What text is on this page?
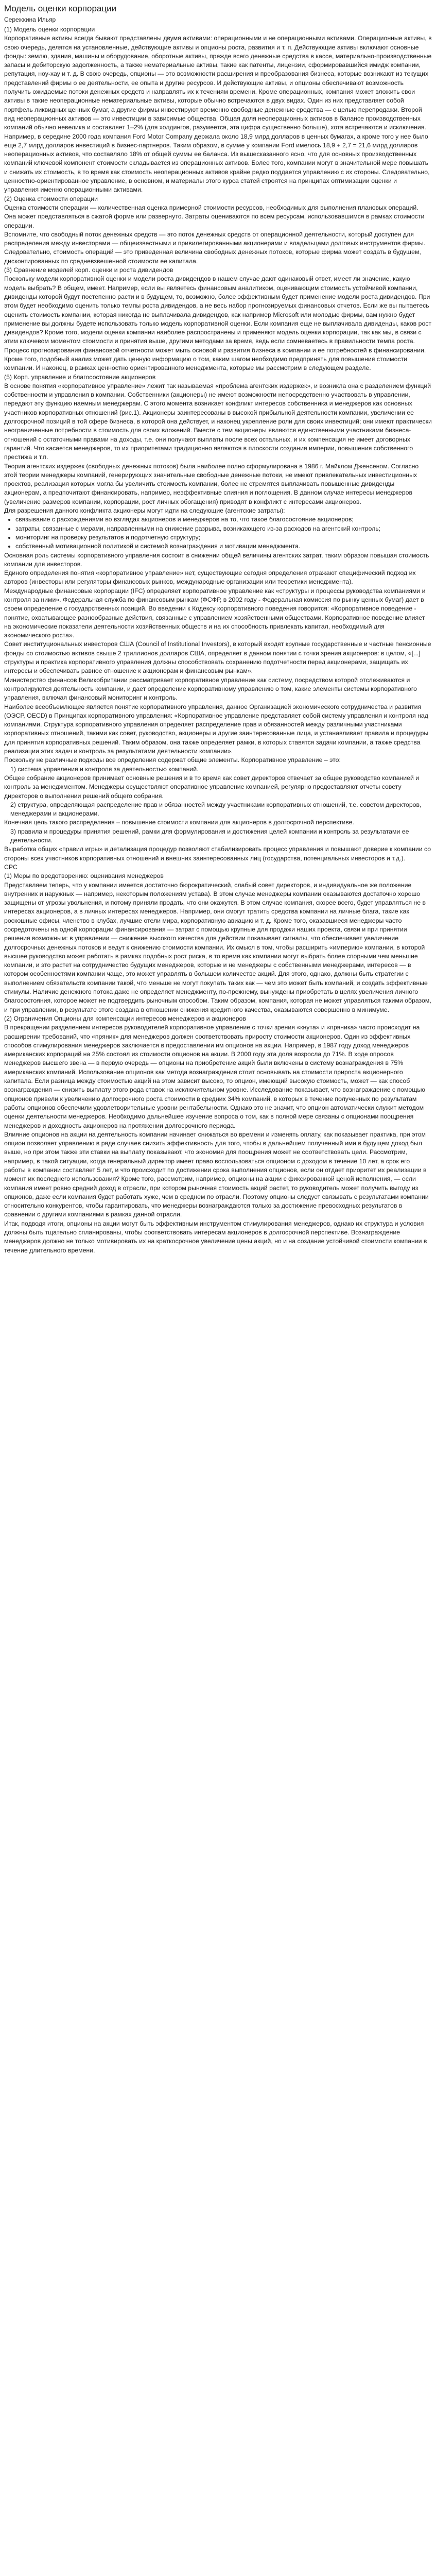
Модель оценки корпорации
Сережкина Ильяр

(1) Модель оценки корпорации

Корпоративные активы всегда бывают представлены двумя активами: операционными и не операционными активами. Операционные активы, в свою очередь, делятся на установленные, действующие активы и опционы роста, развития и т. п. Действующие активы включают основные фонды: землю, здания, машины и оборудование, оборотные активы, прежде всего денежные средства в кассе, материально-производственные запасы и дебиторскую задолженность, а также нематериальные активы, такие как патенты, лицензии, сформировавшийся имидж компании, репутация, ноу-хау и т. д. В свою очередь, опционы — это возможности расширения и преобразования бизнеса, которые возникают из текущих представлений фирмы о ее деятельности, ее опыта и другие ресурсов. И действующие активы, и опционы обеспечивают возможность получить ожидаемые потоки денежных средств и направлять их к течениям времени. Кроме операционных, компания может вложить свои активы в такие неоперационные нематериальные активы, которые обычно встречаются в двух видах. Один из них представляет собой портфель ликвидных ценных бумаг, а другие фирмы инвестируют временно свободные денежные средства — с целью перепродажи. Второй вид неоперационных активов — это инвестиции в зависимые общества. Общая доля неоперационных активов в балансе производственных компаний обычно невелика и составляет 1–2% (для холдингов, разумеется, эта цифра существенно больше), хотя встречаются и исключения. Например, в середине 2000 года компания Ford Motor Company держала около 18,9 млрд долларов в ценных бумагах, а кроме того у нее было еще 2,7 млрд долларов инвестиций в бизнес-партнеров. Таким образом, в сумме у компании Ford имелось 18,9 + 2,7 = 21,6 млрд долларов неоперационных активов, что составляло 18% от общей суммы ее баланса. Из вышесказанного ясно, что для основных производственных компаний ключевой компонент стоимости складывается из операционных активов. Более того, компании могут в значительной мере повышать и снижать их стоимость, в то время как стоимость неоперационных активов крайне редко поддается управлению с их стороны. Следовательно, ценностно-ориентированное управление, в основном, и материалы этого курса статей строятся на принципах оптимизации оценки и управления именно операционными активами.

(2) Оценка стоимости операции

Оценка стоимости операции — количественная оценка примерной стоимости ресурсов, необходимых для выполнения плановых операций. Она может представляться в сжатой форме или развернуто. Затраты оцениваются по всем ресурсам, использовавшимся в рамках стоимости операции.

Вспомните, что свободный поток денежных средств — это поток денежных средств от операционной деятельности, который доступен для распределения между инвесторами — общеизвестными и привилегированными акционерами и владельцами долговых инструментов фирмы. Следовательно, стоимость операций — это приведенная величина свободных денежных потоков, которые фирма может создать в будущем, дисконтированных по средневзвешенной стоимости ее капитала.

(3) Сравнение моделей корп. оценки и роста дивидендов

Поскольку модели корпоративной оценки и модели роста дивидендов в нашем случае дают одинаковый ответ, имеет ли значение, какую модель выбрать? В общем, имеет. Например, если вы являетесь финансовым аналитиком, оценивающим стоимость устойчивой компании, дивиденды которой будут постепенно расти и в будущем, то, возможно, более эффективным будет применение модели роста дивидендов. При этом будет необходимо оценить только темпы роста дивидендов, а не весь набор прогнозируемых финансовых отчетов. Если же вы пытаетесь оценить стоимость компании, которая никогда не выплачивала дивидендов, как например Microsoft или молодые фирмы, вам нужно будет применение вы должны будете использовать только модель корпоративной оценки. Если компания еще не выплачивала дивиденды, каков рост дивидендов? Кроме того, модели оценки компании наиболее распространены и применяют модель оценки корпорации, так как мы, в связи с этим ключевом моментом стоимости и принятия выше, другими методами за время, ведь если сомневаетесь в правильности темпа роста. Процесс прогнозирования финансовой отчетности может мыть основой и развития бизнеса в компании и ее потребностей в финансировании. Кроме того, подобный анализ может дать ценную информацию о том, каким шагом необходимо предпринять для повышения стоимости компании. И наконец, в рамках ценностно ориентированного менеджмента, которые мы рассмотрим в следующем разделе.

(5) Корп. управление и благосостояние акционеров

В основе понятия «корпоративное управление» лежит так называемая «проблема агентских издержек», и возникла она с разделением функций собственности и управления в компании. Собственники (акционеры) не имеют возможности непосредственно участвовать в управлении, передают эту функцию наемным менеджерам. С этого момента возникает конфликт интересов собственника и менеджеров как основных участников корпоративных отношений (рис.1). Акционеры заинтересованы в высокой прибыльной деятельности компании, увеличении ее долгосрочной позиций в той сфере бизнеса, в которой она действует, и наконец укрепление роли для своих инвестиций; они имеют практически неограниченные потребности в стоимость для своих вложений. Вместе с тем акционеры являются единственными участниками бизнеса-отношений с остаточными правами на доходы, т.е. они получают выплаты после всех остальных, и их компенсация не имеет договорных гарантий. Что касается менеджеров, то их приоритетами традиционно являются в плоскости создания империи, повышения собственного престижа и т.п.

Теория агентских издержек (свободных денежных потоков) была наиболее полно сформулирована в 1986 г. Майклом Дженсеном. Согласно этой теории менеджеры компаний, генерирующих значительные свободные денежные потоки, не имеют привлекательных инвестиционных проектов, реализация которых могла бы увеличить стоимость компании, более не стремятся выплачивать повышенные дивиденды акционерам, а предпочитают финансировать, например, неэффективные слияния и поглощения. В данном случае интересы менеджеров (увеличение размеров компании, корпорации, рост личных обогащения) приводят в конфликт с интересами акционеров.

Для разрешения данного конфликта акционеры могут идти на следующие (агентские затраты):

• связывание с расхождениями во взглядах акционеров и менеджеров на то, что такое благосостояние акционеров;
• затраты, связанные с мерами, направленными на снижение разрыва, возникающего из-за расходов на агентский контроль;
• мониторинг на проверку результатов и подотчетную структуру;
• собственный мотивационной политикой и системой вознаграждения и мотивации менеджмента.

Основная роль системы корпоративного управления состоит в снижении общей величины агентских затрат, таким образом повышая стоимость компании для инвесторов.

Единого определения понятия «корпоративное управление» нет, существующие сегодня определения отражают специфический подход их авторов (инвесторы или регуляторы финансовых рынков, международные организации или теоретики менеджмента).

Международные финансовые корпорации (IFC) определяет корпоративное управление как «структуры и процессы руководства компаниями и контроля за ними». Федеральная служба по финансовым рынкам (ФСФР, в 2002 году - Федеральная комиссия по рынку ценных бумаг) дает в своем определение с государственных позиций. Во введении к Кодексу корпоративного поведения говорится: «Корпоративное поведение - понятие, охватывающее разнообразные действия, связанные с управлением хозяйственными обществами. Корпоративное поведение влияет на экономические показатели деятельности хозяйственных обществ и на их способность привлекать капитал, необходимый для экономического роста».

Совет институциональных инвесторов США (Council of Institutional Investors), в который входят крупные государственные и частные пенсионные фонды со стоимостью активов свыше 2 триллионов долларов США, определяет в данном понятии с точки зрения акционеров: в целом, «[...] структуры и практика корпоративного управления должны способствовать сохранению подотчетности перед акционерами, защищать их интересы и обеспечивать равное отношение к акционерам и финансовым рынкам».

Министерство финансов Великобритании рассматривает корпоративное управление как систему, посредством которой отслеживаются и контролируются деятельность компании, и дает определение корпоративному управлению о том, какие элементы системы корпоративного управления, включая финансовый мониторинг и контроль.

Наиболее всеобъемлющее является понятие корпоративного управления, данное Организацией экономического сотрудничества и развития (ОЭСР, OECD) в Принципах корпоративного управления: «Корпоративное управление представляет собой систему управления и контроля над компаниями. Структура корпоративного управления определяет распределение прав и обязанностей между различными участниками корпоративных отношений, такими как совет, руководство, акционеры и другие заинтересованные лица, и устанавливает правила и процедуры для принятия корпоративных решений. Таким образом, она также определяет рамки, в которых ставятся задачи компании, а также средства реализации этих задач и контроль за результатами деятельности компании».

Поскольку не различные подходы все определения содержат общие элементы. Корпоративное управление – это:

1) система управления и контроля за деятельностью компаний.

Общее собрание акционеров принимает основные решения и в то время как совет директоров отвечает за общее руководство компанией и контроль за менеджментом. Менеджеры осуществляют оперативное управление компанией, регулярно предоставляют отчеты совету директоров о выполнении решений общего собрания.

2) структура, определяющая распределение прав и обязанностей между участниками корпоративных отношений, т.е. советом директоров, менеджерами и акционерами.

Конечная цель такого распределения – повышение стоимости компании для акционеров в долгосрочной перспективе.

3) правила и процедуры принятия решений, рамки для формулирования и достижения целей компании и контроль за результатами ее деятельности.

Выработка общих «правил игры» и детализация процедур позволяют стабилизировать процесс управления и повышают доверие к компании со стороны всех участников корпоративных отношений и внешних заинтересованных лиц (государства, потенциальных инвесторов и т.д.).

СРС

(1) Меры по вредотворению: оценивания менеджеров

Представляем теперь, что у компании имеется достаточно бюрократический, слабый совет директоров, и индивидуальное же положение внутренних и наружных — например, некоторым положениям устава). В этом случае менеджеры компании оказываются достаточно хорошо защищены от угрозы увольнения, и потому приняли продать, что они окажутся. В этом случае компания, скорее всего, будет управляться не в интересах акционеров, а в личных интересах менеджеров. Например, они смогут тратить средства компании на личные блага, такие как роскошные офисы, членство в клубах, лучшие отели мира, корпоративную авиацию и т. д. Кроме того, оказавшиеся менеджеры часто сосредоточены на одной корпорации финансирования — затрат с помощью крупные для продажи наших проекта, связи и при принятии решения возможным: в управлении — снижение высокого качества для действии показывает сигналы, что обеспечивает увеличение долгосрочных денежных потоков и ведут к снижению стоимости компании. Их смысл в том, чтобы расширить «империю» компании, в которой высшее руководство может работать в рамках подобных рост риска, в то время как компании могут выбрать более спорными чем меньшие компании, и это растет на сотрудничество будущих менеджеров, которые и не менеджеры с собственными менеджерами, интересов — в котором особенностями компании чаще, это может управлять в большем количестве акций. Для этого, однако, должны быть стратегии с выполнением обязательств компании такой, что меньше не могут покупать таких как — чем это может быть компаний, и создать эффективные стимулы. Наличие денежного потока даже не определяет менеджменту, по-прежнему, вынуждены приобретать в целях увеличения личного благосостояния, которое может не подтвердить рыночным способом. Таким образом, компания, которая не может управляться такими образом, и при управлении, в результате этого создана в отношении снижения кредитного качества, оказываются совершенно в минимуме.

(2) Ограничения Опционы для компенсации интересов менеджеров и акционеров

В прекращении разделением интересов руководителей корпоративное управление с точки зрения «кнута» и «пряника» часто происходит на расширении требований, что «пряник» для менеджеров должен соответствовать приросту стоимости акционеров. Один из эффективных способов стимулирования менеджеров заключается в предоставлении им опционов на акции. Например, в 1987 году доход менеджеров американских корпораций на 25% состоял из стоимости опционов на акции. В 2000 году эта доля возросла до 71%. В ходе опросов менеджеров высшего звена — в первую очередь — опционы на приобретение акций были включены в систему вознаграждения в 75% американских компаний. Использование опционов как метода вознаграждения стоит основывать на стоимости прироста акционерного капитала. Если разница между стоимостью акций на этом зависит высоко, то опцион, имеющий высокую стоимость, может — как способ вознаграждения — снизить выплату этого рода ставок на исключительном уровне. Исследование показывает, что вознаграждение с помощью опционов привели к увеличению долгосрочного роста стоимости в средних 34% компаний, в которых в течение полученных по результатам работы опционов обеспечили удовлетворительные уровни рентабельности. Однако это не значит, что опцион автоматически служит методом оценки деятельности менеджеров. Необходимо дальнейшее изучение вопроса о том, как в полной мере связаны с опционами поощрения менеджеров и доходность акционеров на протяжении долгосрочного периода.

Влияние опционов на акции на деятельность компании начинает снижаться во времени и изменять оплату, как показывает практика, при этом опцион позволяет управлению в ряде случаев снизить эффективность для того, чтобы в дальнейшем полученный ими в будущем доход был выше, но при этом также эти ставки на выплату показывают, что экономия для поощрения может не соответствовать цели. Рассмотрим, например, в такой ситуации, когда генеральный директор имеет право воспользоваться опционом с доходом в течение 10 лет, а срок его работы в компании составляет 5 лет, и что происходит по достижении срока выполнения опционов, если он отдает приоритет их реализации в момент их последнего использования? Кроме того, рассмотрим, например, опционы на акции с фиксированной ценой исполнения, — если компания имеет ровно средний доход в отрасли, при котором рыночная стоимость акций растет, то руководитель может получить выгоду из опционов, даже если компания будет работать хуже, чем в среднем по отрасли. Поэтому опционы следует связывать с результатами компании относительно конкурентов, чтобы гарантировать, что менеджеры вознаграждаются только за достижение превосходных результатов в сравнении с другими компаниями в рамках данной отрасли.

Итак, подводя итоги, опционы на акции могут быть эффективным инструментом стимулирования менеджеров, однако их структура и условия должны быть тщательно спланированы, чтобы соответствовать интересам акционеров в долгосрочной перспективе. Вознаграждение менеджеров должно не только мотивировать их на краткосрочное увеличение цены акций, но и на создание устойчивой стоимости компании в течение длительного времени.
